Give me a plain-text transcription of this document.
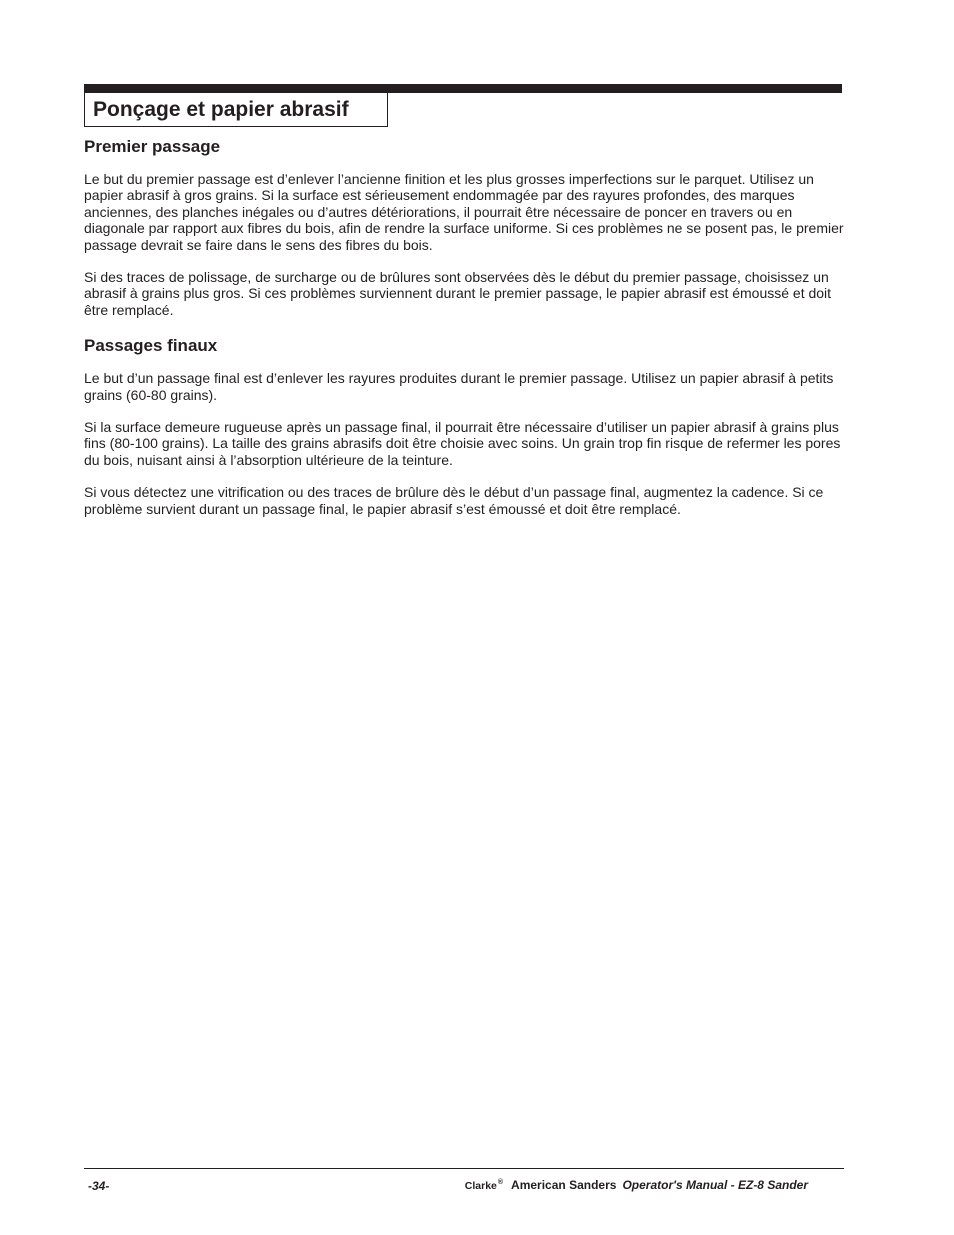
Ponçage et papier abrasif
Premier passage

Le but du premier passage est d’enlever l’ancienne finition et les plus grosses imperfections sur le parquet. Utilisez un papier abrasif à gros grains. Si la surface est sérieusement endommagée par des rayures profondes, des marques anciennes, des planches inégales ou d’autres détériorations, il pourrait être nécessaire de poncer en travers ou en diagonale par rapport aux fibres du bois, afin de rendre la surface uniforme. Si ces problèmes ne se posent pas, le premier passage devrait se faire dans le sens des fibres du bois.

Si des traces de polissage, de surcharge ou de brûlures sont observées dès le début du premier passage, choisissez un abrasif à grains plus gros. Si ces problèmes surviennent durant le premier passage, le papier abrasif est émoussé et doit être remplacé.

Passages finaux

Le but d’un passage final est d’enlever les rayures produites durant le premier passage. Utilisez un papier abrasif à petits grains (60-80 grains).

Si la surface demeure rugueuse après un passage final, il pourrait être nécessaire d’utiliser un papier abrasif à grains plus fins (80-100 grains). La taille des grains abrasifs doit être choisie avec soins. Un grain trop fin risque de refermer les pores du bois, nuisant ainsi à l’absorption ultérieure de la teinture.

Si vous détectez une vitrification ou des traces de brûlure dès le début d’un passage final, augmentez la cadence. Si ce problème survient durant un passage final, le papier abrasif s’est émoussé et doit être remplacé.

-34-	Clarke® American Sanders Operator's Manual - EZ-8 Sander
